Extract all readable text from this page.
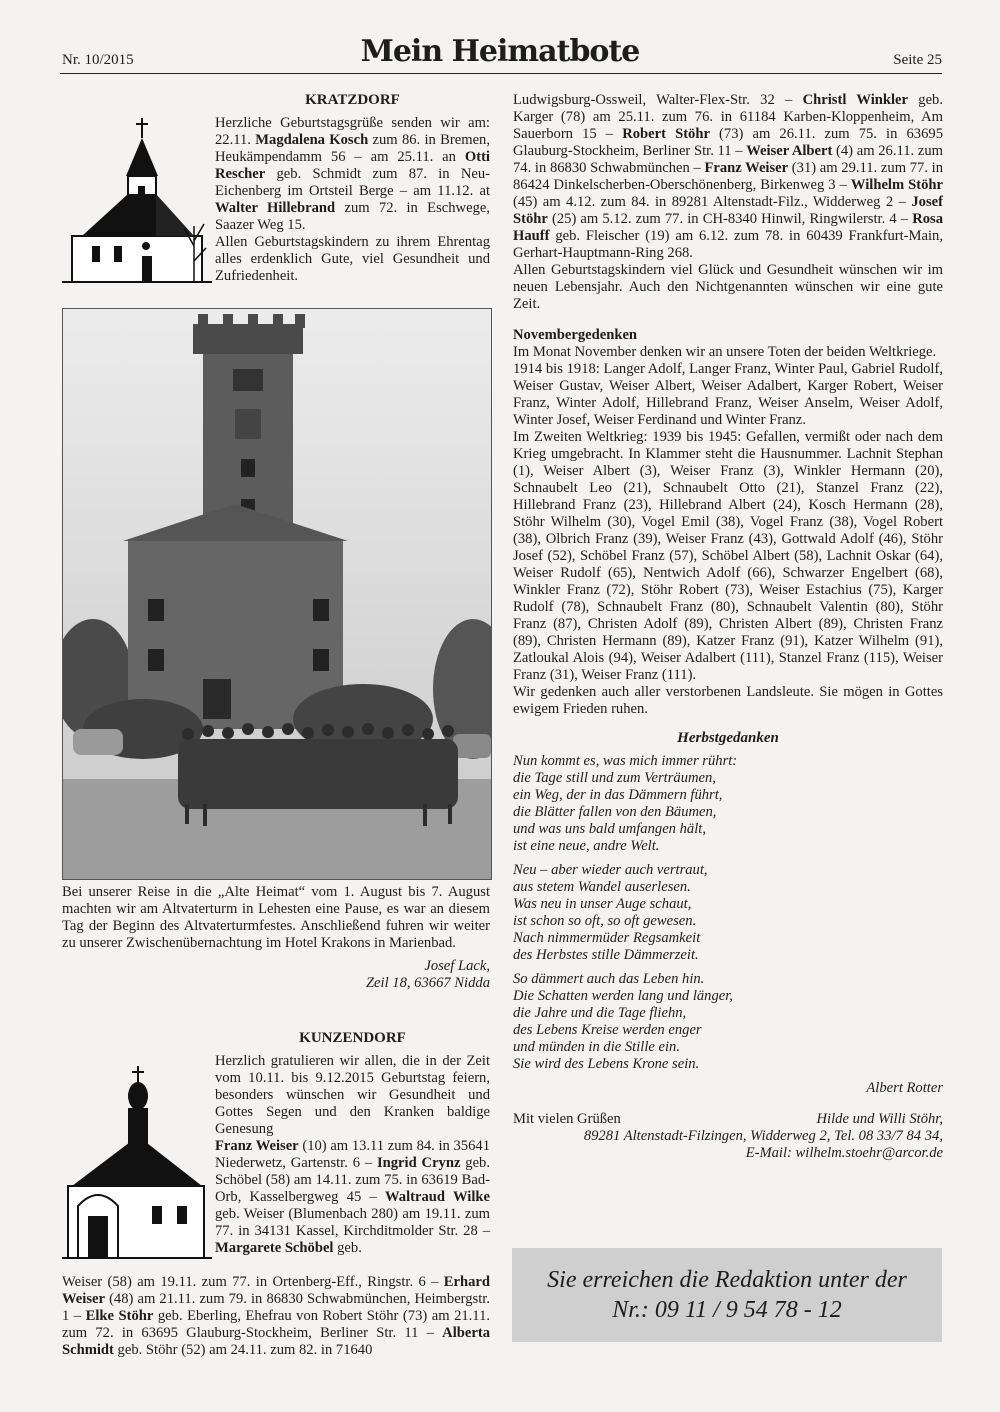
Nr. 10/2015	Mein Heimatbote	Seite 25

KRATZDORF

Herzliche Geburtstagsgrüße senden wir am: 22.11. Magdalena Kosch zum 86. in Bremen, Heukämpendamm 56 – am 25.11. an Otti Rescher geb. Schmidt zum 87. in Neu-Eichenberg im Ortsteil Berge – am 11.12. at Walter Hillebrand zum 72. in Eschwege, Saazer Weg 15.
Allen Geburtstagskindern zu ihrem Ehrentag alles erdenklich Gute, viel Gesundheit und Zufriedenheit.

Bei unserer Reise in die „Alte Heimat“ vom 1. August bis 7. August machten wir am Altvaterturm in Lehesten eine Pause, es war an diesem Tag der Beginn des Altvaterturmfestes. Anschließend fuhren wir weiter zu unserer Zwischenübernachtung im Hotel Krakons in Marienbad.

Josef Lack,

Zeil 18, 63667 Nidda

KUNZENDORF

Herzlich gratulieren wir allen, die in der Zeit vom 10.11. bis 9.12.2015 Geburtstag feiern, besonders wünschen wir Gesundheit und Gottes Segen und den Kranken baldige Genesung
Franz Weiser (10) am 13.11 zum 84. in 35641 Niederwetz, Gartenstr. 6 – Ingrid Crynz geb. Schöbel (58) am 14.11. zum 75. in 63619 Bad-Orb, Kasselbergweg 45 – Waltraud Wilke geb. Weiser (Blumenbach 280) am 19.11. zum 77. in 34131 Kassel, Kirchditmolder Str. 28 – Margarete Schöbel geb.

Weiser (58) am 19.11. zum 77. in Ortenberg-Eff., Ringstr. 6 – Erhard Weiser (48) am 21.11. zum 79. in 86830 Schwabmünchen, Heimbergstr. 1 – Elke Stöhr geb. Eberling, Ehefrau von Robert Stöhr (73) am 21.11. zum 72. in 63695 Glauburg-Stockheim, Berliner Str. 11 – Alberta Schmidt geb. Stöhr (52) am 24.11. zum 82. in 71640

Ludwigsburg-Ossweil, Walter-Flex-Str. 32 – Christl Winkler geb. Karger (78) am 25.11. zum 76. in 61184 Karben-Kloppenheim, Am Sauerborn 15 – Robert Stöhr (73) am 26.11. zum 75. in 63695 Glauburg-Stockheim, Berliner Str. 11 – Weiser Albert (4) am 26.11. zum 74. in 86830 Schwabmünchen – Franz Weiser (31) am 29.11. zum 77. in 86424 Dinkelscherben-Oberschönenberg, Birkenweg 3 – Wilhelm Stöhr (45) am 4.12. zum 84. in 89281 Altenstadt-Filz., Widderweg 2 – Josef Stöhr (25) am 5.12. zum 77. in CH-8340 Hinwil, Ringwilerstr. 4 – Rosa Hauff geb. Fleischer (19) am 6.12. zum 78. in 60439 Frankfurt-Main, Gerhart-Hauptmann-Ring 268.
Allen Geburtstagskindern viel Glück und Gesundheit wünschen wir im neuen Lebensjahr. Auch den Nichtgenannten wünschen wir eine gute Zeit.

Novembergedenken

Im Monat November denken wir an unsere Toten der beiden Weltkriege.
1914 bis 1918: Langer Adolf, Langer Franz, Winter Paul, Gabriel Rudolf, Weiser Gustav, Weiser Albert, Weiser Adalbert, Karger Robert, Weiser Franz, Winter Adolf, Hillebrand Franz, Weiser Anselm, Weiser Adolf, Winter Josef, Weiser Ferdinand und Winter Franz.
Im Zweiten Weltkrieg: 1939 bis 1945: Gefallen, vermißt oder nach dem Krieg umgebracht. In Klammer steht die Hausnummer. Lachnit Stephan (1), Weiser Albert (3), Weiser Franz (3), Winkler Hermann (20), Schnaubelt Leo (21), Schnaubelt Otto (21), Stanzel Franz (22), Hillebrand Franz (23), Hillebrand Albert (24), Kosch Hermann (28), Stöhr Wilhelm (30), Vogel Emil (38), Vogel Franz (38), Vogel Robert (38), Olbrich Franz (39), Weiser Franz (43), Gottwald Adolf (46), Stöhr Josef (52), Schöbel Franz (57), Schöbel Albert (58), Lachnit Oskar (64), Weiser Rudolf (65), Nentwich Adolf (66), Schwarzer Engelbert (68), Winkler Franz (72), Stöhr Robert (73), Weiser Estachius (75), Karger Rudolf (78), Schnaubelt Franz (80), Schnaubelt Valentin (80), Stöhr Franz (87), Christen Adolf (89), Christen Albert (89), Christen Franz (89), Christen Hermann (89), Katzer Franz (91), Katzer Wilhelm (91), Zatloukal Alois (94), Weiser Adalbert (111), Stanzel Franz (115), Weiser Franz (31), Weiser Franz (111).
Wir gedenken auch aller verstorbenen Landsleute. Sie mögen in Gottes ewigem Frieden ruhen.

Herbstgedanken

Nun kommt es, was mich immer rührt:
die Tage still und zum Verträumen,
ein Weg, der in das Dämmern führt,
die Blätter fallen von den Bäumen,
und was uns bald umfangen hält,
ist eine neue, andre Welt.
Neu – aber wieder auch vertraut,
aus stetem Wandel auserlesen.
Was neu in unser Auge schaut,
ist schon so oft, so oft gewesen.
Nach nimmermüder Regsamkeit
des Herbstes stille Dämmerzeit.
So dämmert auch das Leben hin.
Die Schatten werden lang und länger,
die Jahre und die Tage fliehn,
des Lebens Kreise werden enger
und münden in die Stille ein.
Sie wird des Lebens Krone sein.

Albert Rotter

Mit vielen Grüßen	Hilde und Willi Stöhr,

89281 Altenstadt-Filzingen, Widderweg 2, Tel. 08 33/7 84 34,

E-Mail: wilhelm.stoehr@arcor.de

Sie erreichen die Redaktion unter der
Nr.: 09 11 / 9 54 78 - 12
